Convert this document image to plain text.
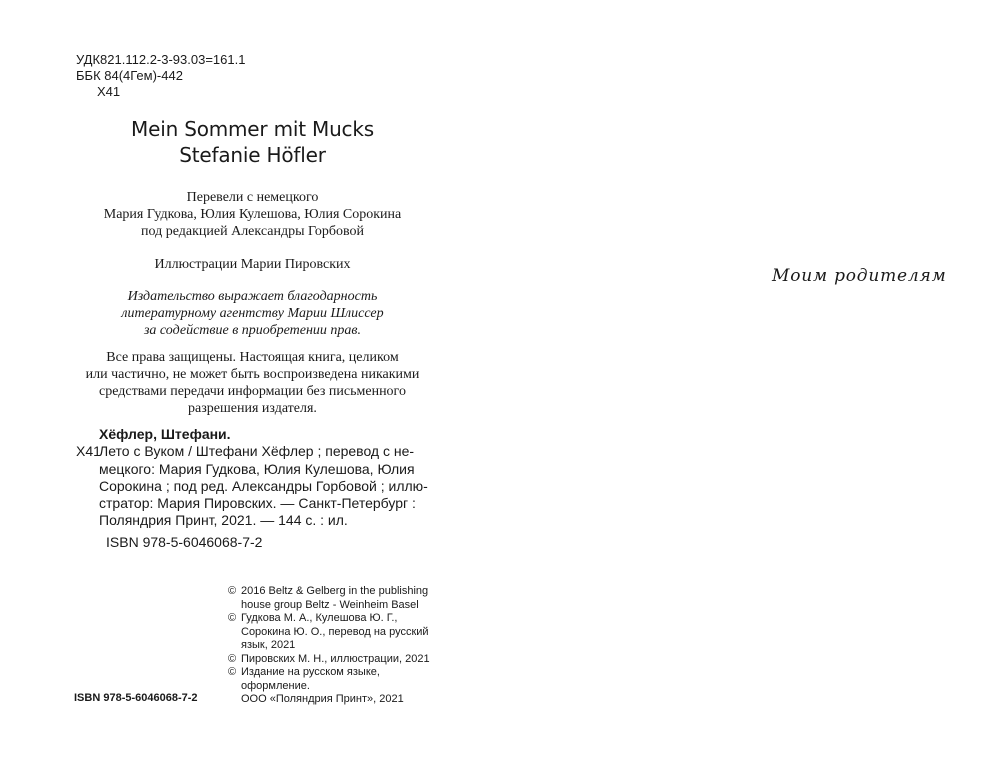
УДК821.112.2-3-93.03=161.1
ББК 84(4Гем)-442
Х41
Mein Sommer mit Mucks
Stefanie Höfler
Перевели с немецкого
Мария Гудкова, Юлия Кулешова, Юлия Сорокина
под редакцией Александры Горбовой
Иллюстрации Марии Пировских
Издательство выражает благодарность
литературному агентству Марии Шлиссер
за содействие в приобретении прав.
Все права защищены. Настоящая книга, целиком
или частично, не может быть воспроизведена никакими
средствами передачи информации без письменного
разрешения издателя.
Хёфлер, Штефани.
Х41
Лето с Вуком / Штефани Хёфлер ; перевод с не-
мецкого: Мария Гудкова, Юлия Кулешова, Юлия
Сорокина ; под ред. Александры Горбовой ; иллю-
стратор: Мария Пировских. — Санкт-Петербург :
Поляндрия Принт, 2021. — 144 с. : ил.
ISBN 978-5-6046068-7-2
© 2016 Beltz & Gelberg in the publishing
house group Beltz - Weinheim Basel
© Гудкова М. А., Кулешова Ю. Г.,
Сорокина Ю. О., перевод на русский
язык, 2021
© Пировских М. Н., иллюстрации, 2021
© Издание на русском языке,
оформление.
ООО «Поляндрия Принт», 2021
ISBN 978-5-6046068-7-2
Моим родителям
